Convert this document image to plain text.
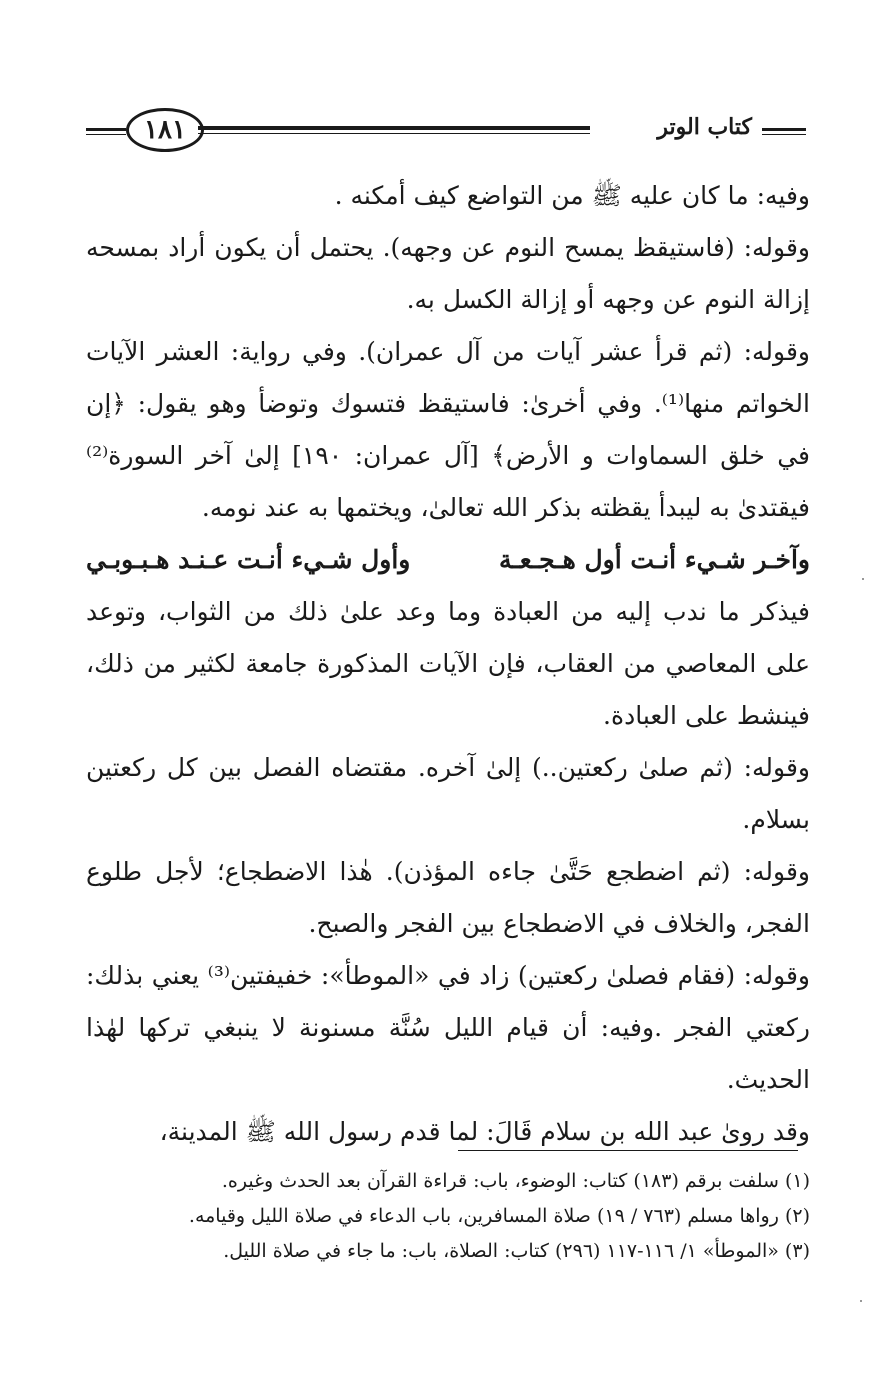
١٨١	كتاب الوتر

وفيه: ما كان عليه ﷺ من التواضع كيف أمكنه .

وقوله: (فاستيقظ يمسح النوم عن وجهه). يحتمل أن يكون أراد بمسحه إزالة النوم عن وجهه أو إزالة الكسل به.

وقوله: (ثم قرأ عشر آيات من آل عمران). وفي رواية: العشر الآيات الخواتم منها⁽¹⁾. وفي أخرىٰ: فاستيقظ فتسوك وتوضأ وهو يقول: ﴿إن في خلق السماوات و الأرض﴾ [آل عمران: ١٩٠] إلىٰ آخر السورة⁽²⁾ فيقتدىٰ به ليبدأ يقظته بذكر الله تعالىٰ، ويختمها به عند نومه.

وآخـر شـيء أنـت أول هـجـعـة
وأول شـيء أنـت عـنـد هـبـوبـي

فيذكر ما ندب إليه من العبادة وما وعد علىٰ ذلك من الثواب، وتوعد على المعاصي من العقاب، فإن الآيات المذكورة جامعة لكثير من ذلك، فينشط على العبادة.

وقوله: (ثم صلىٰ ركعتين..) إلىٰ آخره. مقتضاه الفصل بين كل ركعتين بسلام.

وقوله: (ثم اضطجع حَتَّىٰ جاءه المؤذن). هٰذا الاضطجاع؛ لأجل طلوع الفجر، والخلاف في الاضطجاع بين الفجر والصبح.

وقوله: (فقام فصلىٰ ركعتين) زاد في «الموطأ»: خفيفتين⁽³⁾ يعني بذلك: ركعتي الفجر .وفيه: أن قيام الليل سُنَّة مسنونة لا ينبغي تركها لهٰذا الحديث.

وقد روىٰ عبد الله بن سلام قَالَ: لما قدم رسول الله ﷺ المدينة،

(١) سلفت برقم (١٨٣) كتاب: الوضوء، باب: قراءة القرآن بعد الحدث وغيره.
(٢) رواها مسلم (٧٦٣ / ١٩) صلاة المسافرين، باب الدعاء في صلاة الليل وقيامه.
(٣) «الموطأ» ١/ ١١٦-١١٧ (٢٩٦) كتاب: الصلاة، باب: ما جاء في صلاة الليل.
